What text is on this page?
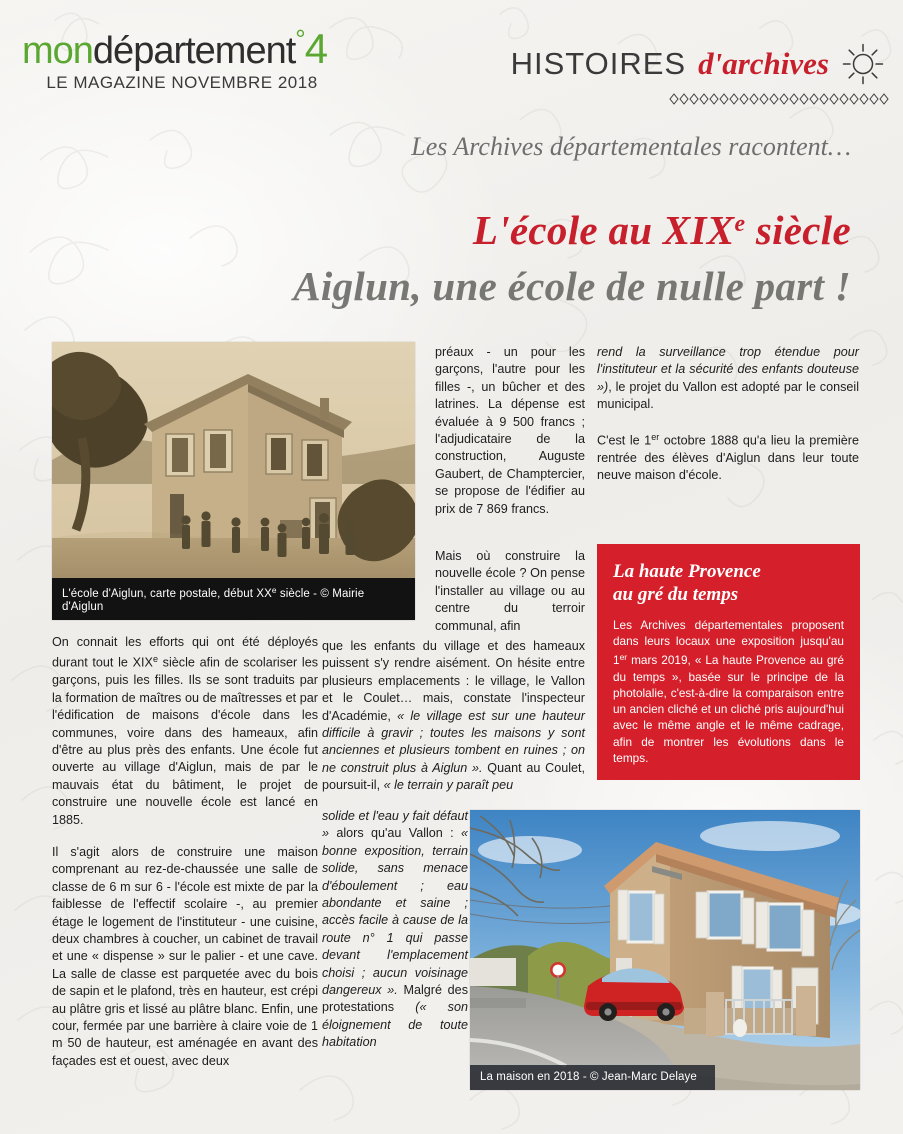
mondépartement°4
LE MAGAZINE NOVEMBRE 2018
HISTOIRES d'archives
Les Archives départementales racontent…
L'école au XIXe siècle
Aiglun, une école de nulle part !
L'école d'Aiglun, carte postale, début XXe siècle - © Mairie d'Aiglun
La maison en 2018 - © Jean-Marc Delaye

On connait les efforts qui ont été déployés durant tout le XIXe siècle afin de scolariser les garçons, puis les filles. Ils se sont traduits par la formation de maîtres ou de maîtresses et par l'édification de maisons d'école dans les communes, voire dans des hameaux, afin d'être au plus près des enfants. Une école fut ouverte au village d'Aiglun, mais de par le mauvais état du bâtiment, le projet de construire une nouvelle école est lancé en 1885.

Il s'agit alors de construire une maison comprenant au rez-de-chaussée une salle de classe de 6 m sur 6 - l'école est mixte de par la faiblesse de l'effectif scolaire -, au premier étage le logement de l'instituteur - une cuisine, deux chambres à coucher, un cabinet de travail et une « dispense » sur le palier - et une cave. La salle de classe est parquetée avec du bois de sapin et le plafond, très en hauteur, est crépi au plâtre gris et lissé au plâtre blanc. Enfin, une cour, fermée par une barrière à claire voie de 1 m 50 de hauteur, est aménagée en avant des façades est et ouest, avec deux

préaux - un pour les garçons, l'autre pour les filles -, un bûcher et des latrines. La dépense est évaluée à 9 500 francs ; l'adjudicataire de la construction, Auguste Gaubert, de Champtercier, se propose de l'édifier au prix de 7 869 francs.

Mais où construire la nouvelle école ? On pense l'installer au village ou au centre du terroir communal, afin

que les enfants du village et des hameaux puissent s'y rendre aisément. On hésite entre plusieurs emplacements : le village, le Vallon et le Coulet… mais, constate l'inspecteur d'Académie, « le village est sur une hauteur difficile à gravir ; toutes les maisons y sont anciennes et plusieurs tombent en ruines ; on ne construit plus à Aiglun ». Quant au Coulet, poursuit-il, « le terrain y paraît peu

solide et l'eau y fait défaut » alors qu'au Vallon : « bonne exposition, terrain solide, sans menace d'éboulement ; eau abondante et saine ; accès facile à cause de la route n° 1 qui passe devant l'emplacement choisi ; aucun voisinage dangereux ». Malgré des protestations (« son éloignement de toute habitation

rend la surveillance trop étendue pour l'instituteur et la sécurité des enfants douteuse »), le projet du Vallon est adopté par le conseil municipal.

C'est le 1er octobre 1888 qu'a lieu la première rentrée des élèves d'Aiglun dans leur toute neuve maison d'école.

La haute Provence
au gré du temps
Les Archives départementales proposent dans leurs locaux une exposition jusqu'au 1er mars 2019, « La haute Provence au gré du temps », basée sur le principe de la photolalie, c'est-à-dire la comparaison entre un ancien cliché et un cliché pris aujourd'hui avec le même angle et le même cadrage, afin de montrer les évolutions dans le temps.
